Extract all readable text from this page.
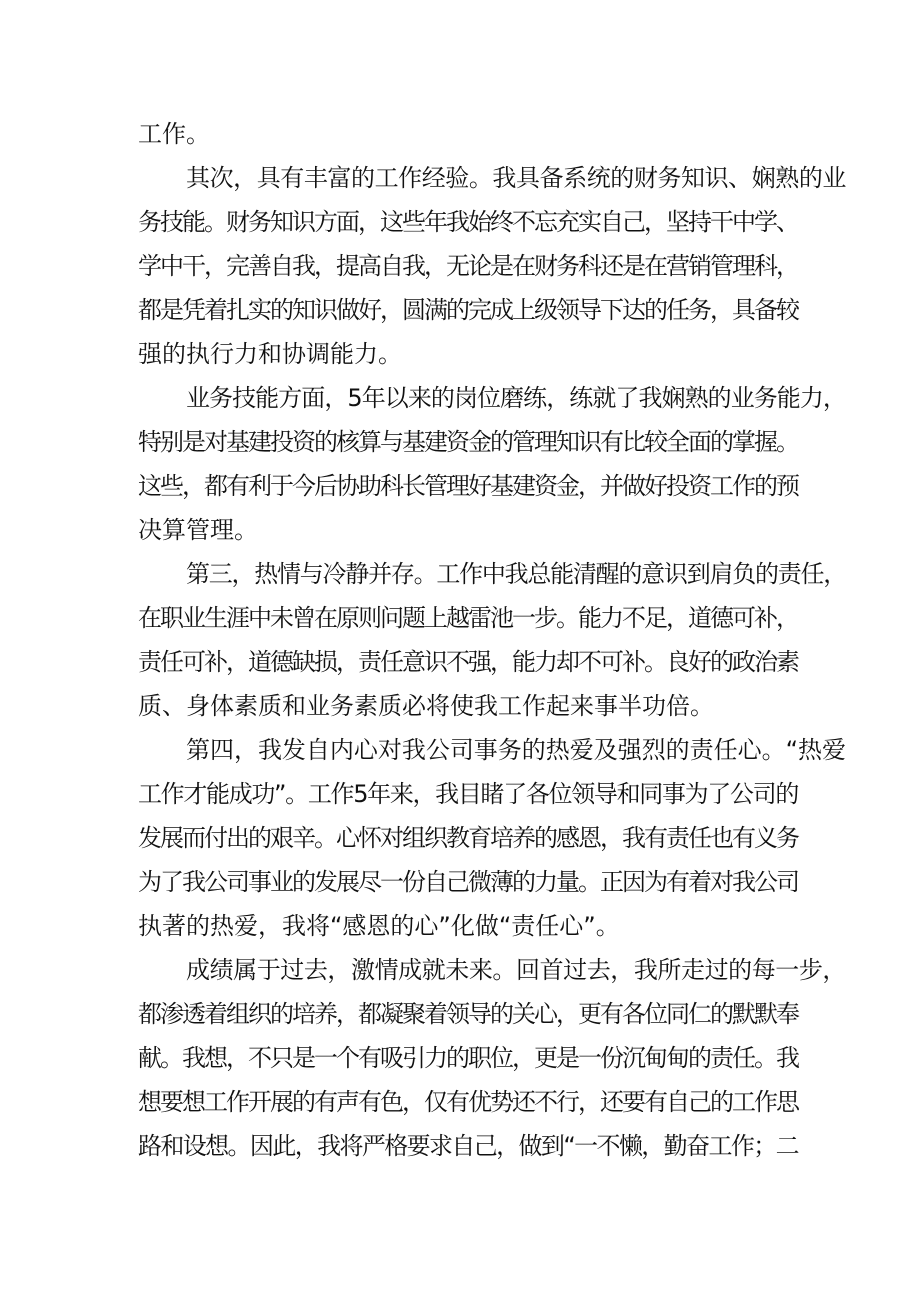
工作。

其次，具有丰富的工作经验。我具备系统的财务知识、娴熟的业

务技能。财务知识方面，这些年我始终不忘充实自己，坚持干中学、

学中干，完善自我，提高自我，无论是在财务科还是在营销管理科，

都是凭着扎实的知识做好，圆满的完成上级领导下达的任务，具备较

强的执行力和协调能力。

业务技能方面，5年以来的岗位磨练，练就了我娴熟的业务能力，

特别是对基建投资的核算与基建资金的管理知识有比较全面的掌握。

这些，都有利于今后协助科长管理好基建资金，并做好投资工作的预

决算管理。

第三，热情与冷静并存。工作中我总能清醒的意识到肩负的责任，

在职业生涯中未曾在原则问题上越雷池一步。能力不足，道德可补，

责任可补，道德缺损，责任意识不强，能力却不可补。良好的政治素

质、身体素质和业务素质必将使我工作起来事半功倍。

第四，我发自内心对我公司事务的热爱及强烈的责任心。“热爱

工作才能成功”。工作5年来，我目睹了各位领导和同事为了公司的

发展而付出的艰辛。心怀对组织教育培养的感恩，我有责任也有义务

为了我公司事业的发展尽一份自己微薄的力量。正因为有着对我公司

执著的热爱，我将“感恩的心”化做“责任心”。

成绩属于过去，激情成就未来。回首过去，我所走过的每一步，

都渗透着组织的培养，都凝聚着领导的关心，更有各位同仁的默默奉

献。我想，不只是一个有吸引力的职位，更是一份沉甸甸的责任。我

想要想工作开展的有声有色，仅有优势还不行，还要有自己的工作思

路和设想。因此，我将严格要求自己，做到“一不懒，勤奋工作；二
